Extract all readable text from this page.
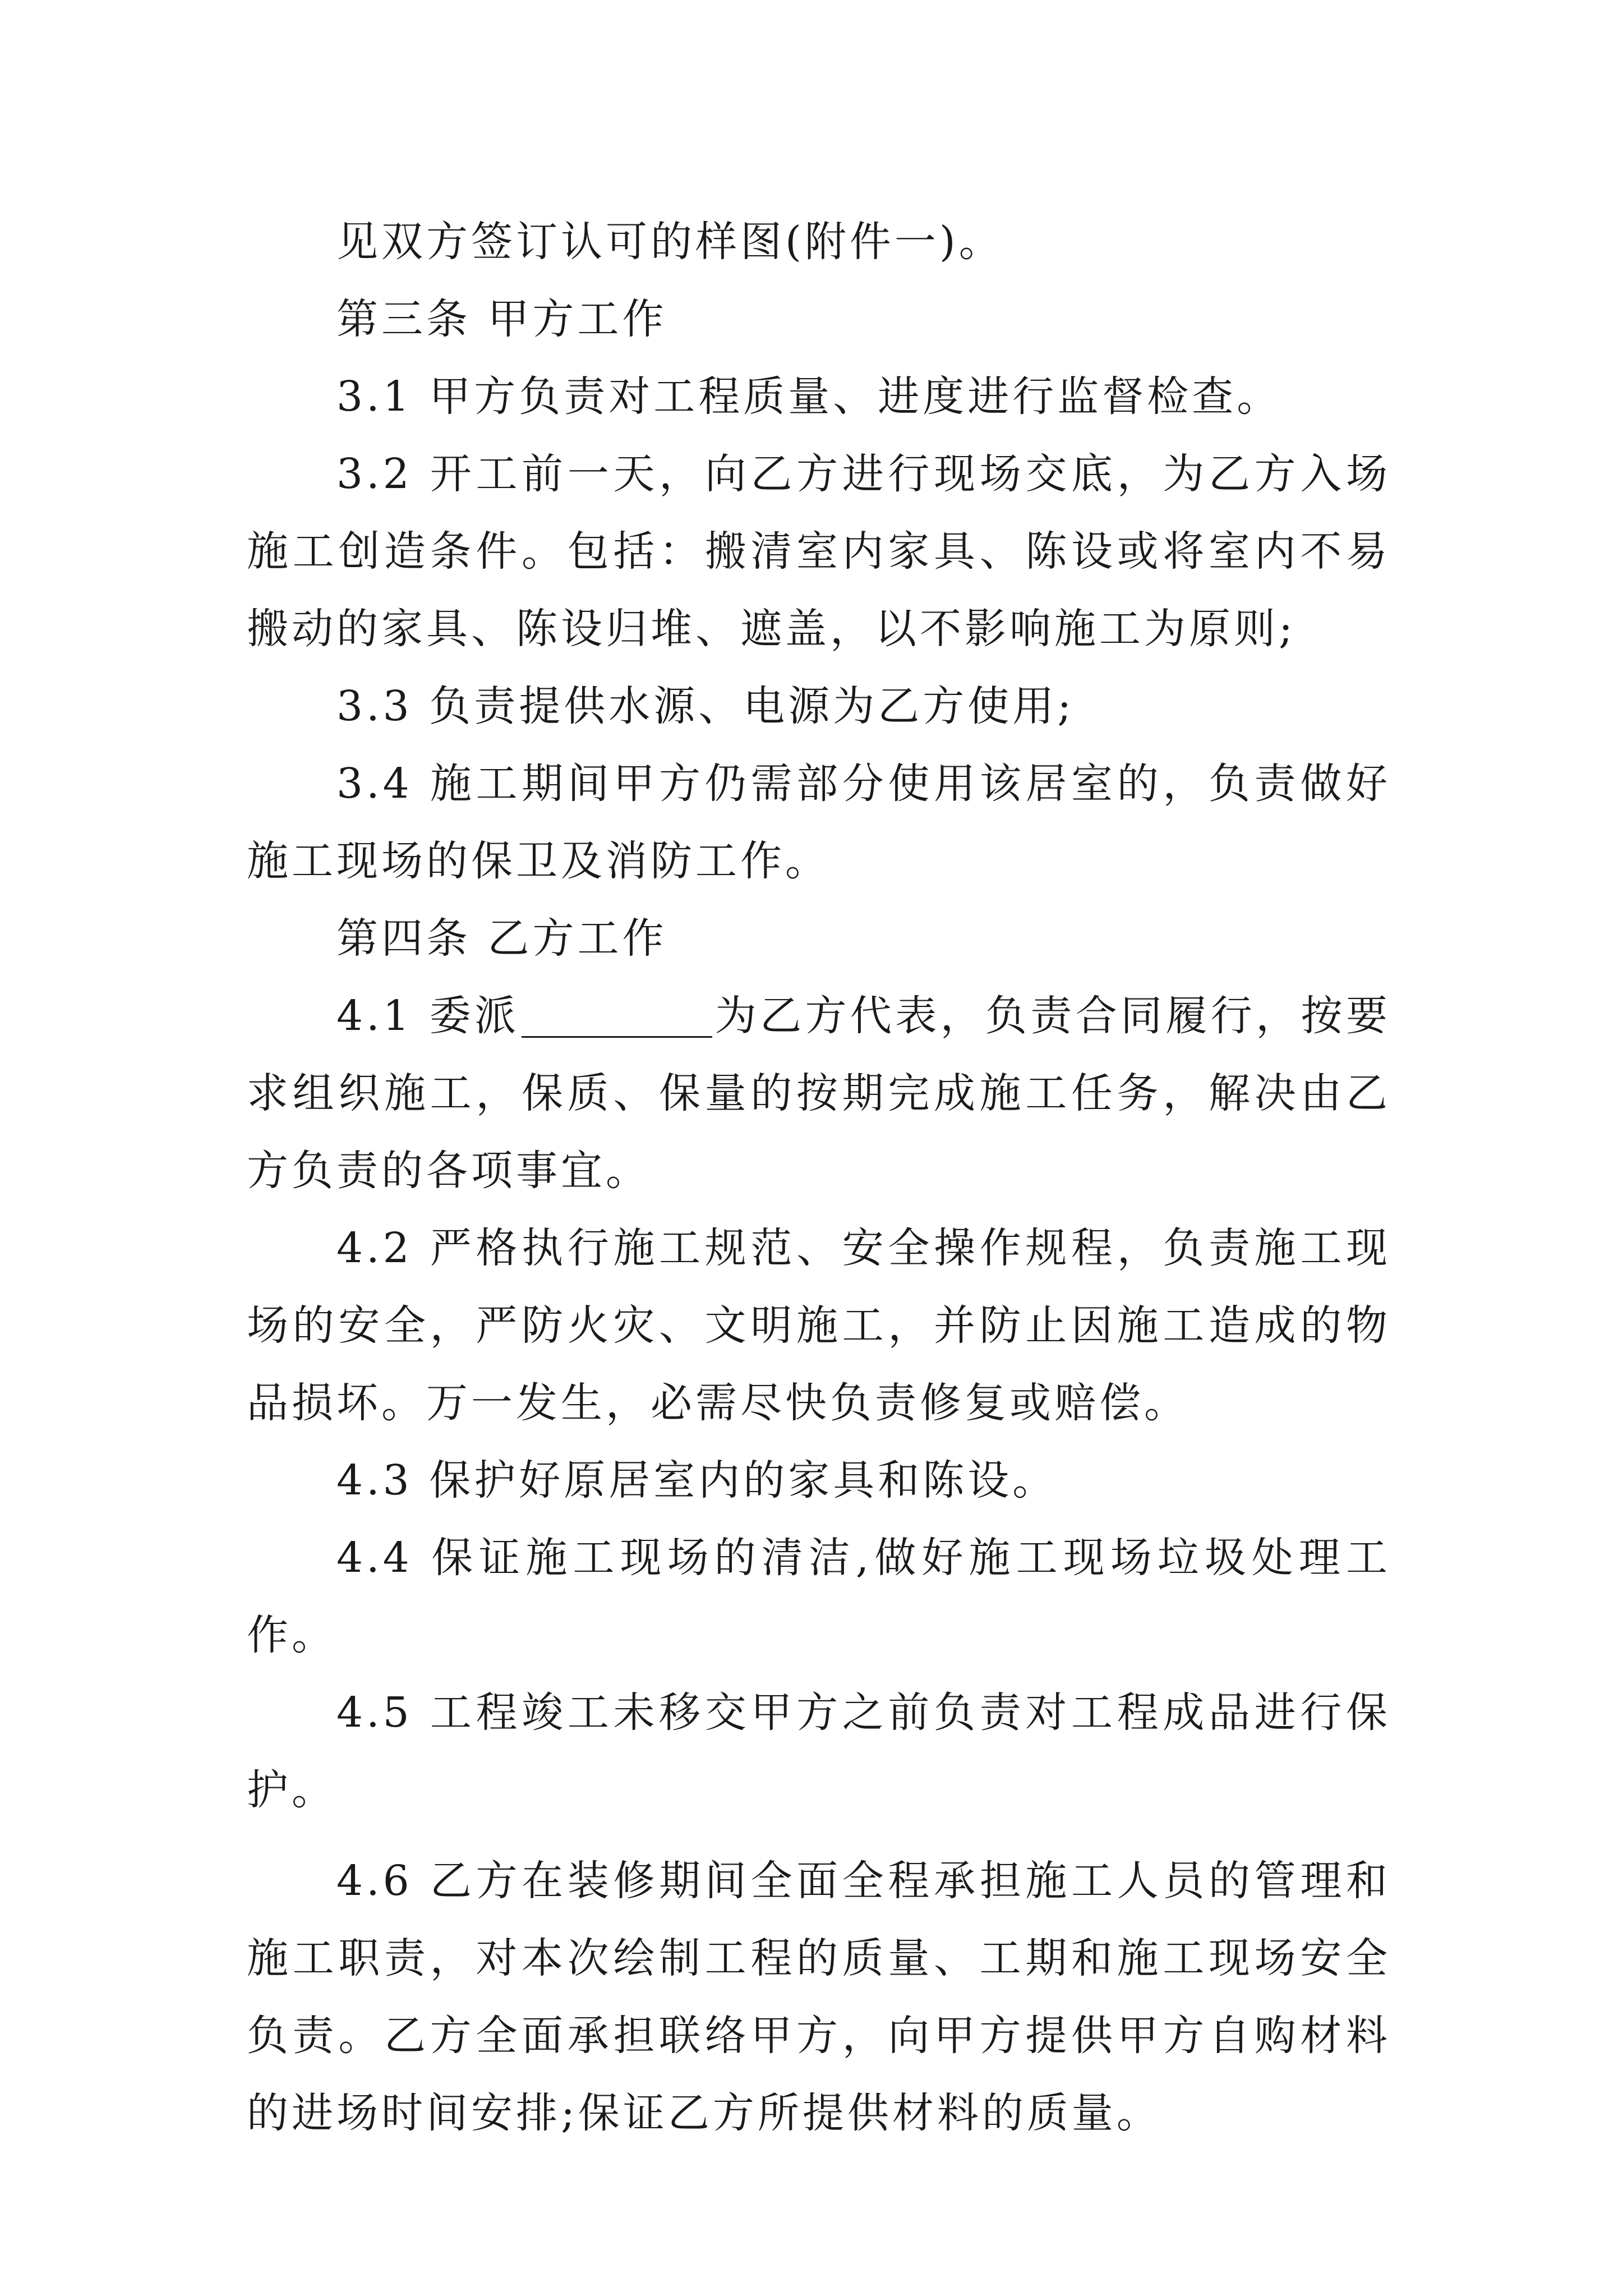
见双方签订认可的样图(附件一)。

第三条 甲方工作

3.1 甲方负责对工程质量、进度进行监督检查。

3.2 开工前一天，向乙方进行现场交底，为乙方入场施工创造条件。包括：搬清室内家具、陈设或将室内不易搬动的家具、陈设归堆、遮盖，以不影响施工为原则;

3.3 负责提供水源、电源为乙方使用;

3.4 施工期间甲方仍需部分使用该居室的，负责做好施工现场的保卫及消防工作。

第四条 乙方工作

4.1 委派	为乙方代表，负责合同履行，按要求组织施工，保质、保量的按期完成施工任务，解决由乙方负责的各项事宜。

4.2 严格执行施工规范、安全操作规程，负责施工现场的安全，严防火灾、文明施工，并防止因施工造成的物品损坏。万一发生，必需尽快负责修复或赔偿。

4.3 保护好原居室内的家具和陈设。

4.4 保证施工现场的清洁,做好施工现场垃圾处理工作。

4.5 工程竣工未移交甲方之前负责对工程成品进行保护。

4.6 乙方在装修期间全面全程承担施工人员的管理和施工职责，对本次绘制工程的质量、工期和施工现场安全负责。乙方全面承担联络甲方，向甲方提供甲方自购材料的进场时间安排;保证乙方所提供材料的质量。
